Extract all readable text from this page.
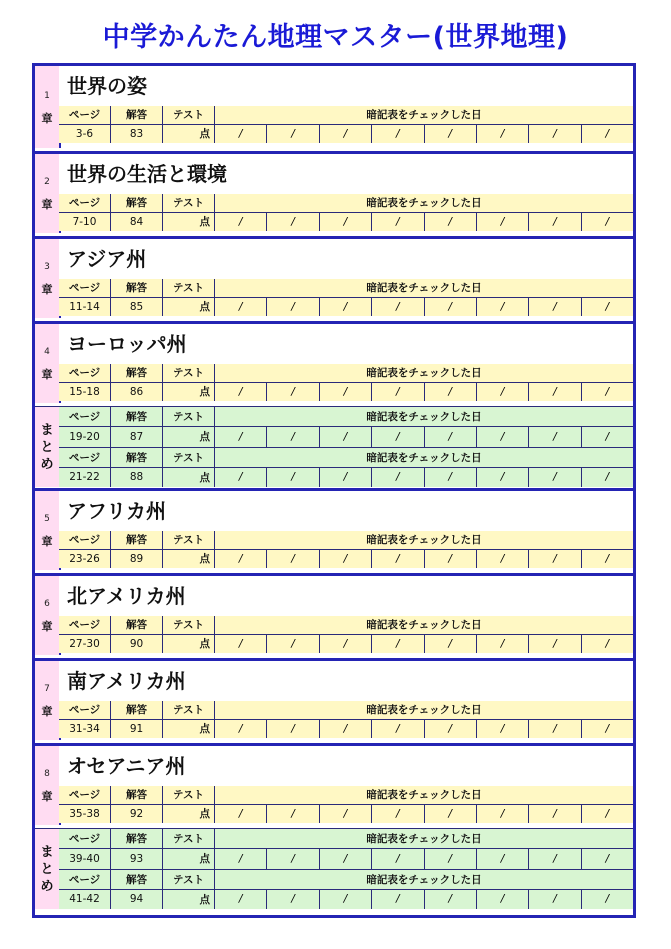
中学かんたん地理マスター(世界地理)
1
章
世界の姿
ページ	解答	テスト	暗記表をチェックした日
3-6	83	点	/	/	/	/	/	/	/	/
2
章
世界の生活と環境
ページ	解答	テスト	暗記表をチェックした日
7-10	84	点	/	/	/	/	/	/	/	/
3
章
アジア州
ページ	解答	テスト	暗記表をチェックした日
11-14	85	点	/	/	/	/	/	/	/	/
4
章
ヨーロッパ州
ページ	解答	テスト	暗記表をチェックした日
15-18	86	点	/	/	/	/	/	/	/	/
ま
と
め
ページ	解答	テスト	暗記表をチェックした日
19-20	87	点	/	/	/	/	/	/	/	/
ページ	解答	テスト	暗記表をチェックした日
21-22	88	点	/	/	/	/	/	/	/	/
5
章
アフリカ州
ページ	解答	テスト	暗記表をチェックした日
23-26	89	点	/	/	/	/	/	/	/	/
6
章
北アメリカ州
ページ	解答	テスト	暗記表をチェックした日
27-30	90	点	/	/	/	/	/	/	/	/
7
章
南アメリカ州
ページ	解答	テスト	暗記表をチェックした日
31-34	91	点	/	/	/	/	/	/	/	/
8
章
オセアニア州
ページ	解答	テスト	暗記表をチェックした日
35-38	92	点	/	/	/	/	/	/	/	/
ま
と
め
ページ	解答	テスト	暗記表をチェックした日
39-40	93	点	/	/	/	/	/	/	/	/
ページ	解答	テスト	暗記表をチェックした日
41-42	94	点	/	/	/	/	/	/	/	/
